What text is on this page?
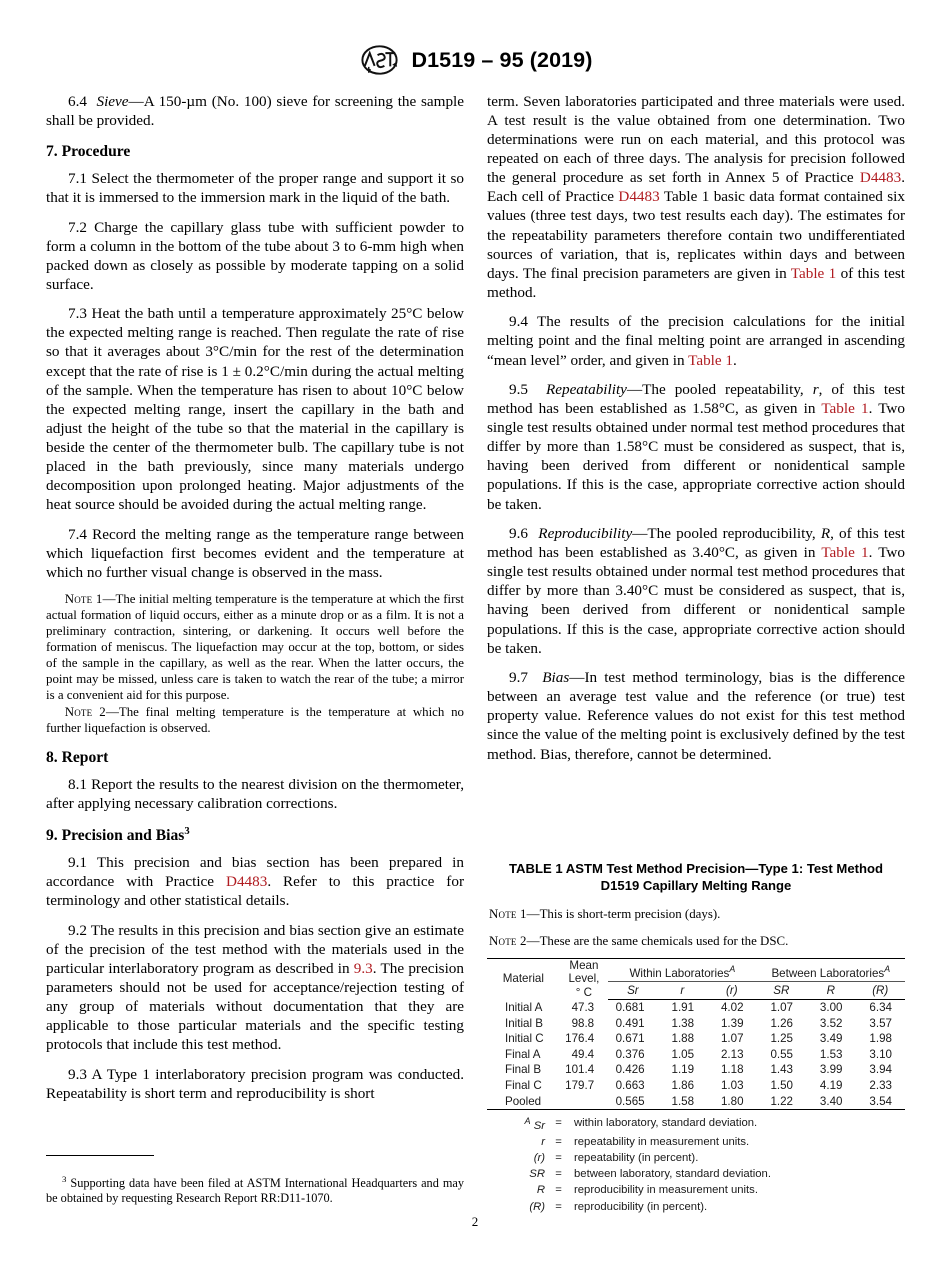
D1519 – 95 (2019)

6.4 Sieve—A 150-µm (No. 100) sieve for screening the sample shall be provided.

7. Procedure

7.1 Select the thermometer of the proper range and support it so that it is immersed to the immersion mark in the liquid of the bath.

7.2 Charge the capillary glass tube with sufficient powder to form a column in the bottom of the tube about 3 to 6-mm high when packed down as closely as possible by moderate tapping on a solid surface.

7.3 Heat the bath until a temperature approximately 25°C below the expected melting range is reached. Then regulate the rate of rise so that it averages about 3°C/min for the rest of the determination except that the rate of rise is 1 ± 0.2°C/min during the actual melting of the sample. When the temperature has risen to about 10°C below the expected melting range, insert the capillary in the bath and adjust the height of the tube so that the material in the capillary is beside the center of the thermometer bulb. The capillary tube is not placed in the bath previously, since many materials undergo decomposition upon prolonged heating. Major adjustments of the heat source should be avoided during the actual melting range.

7.4 Record the melting range as the temperature range between which liquefaction first becomes evident and the temperature at which no further visual change is observed in the mass.

Note 1—The initial melting temperature is the temperature at which the first actual formation of liquid occurs, either as a minute drop or as a film. It is not a preliminary contraction, sintering, or darkening. It occurs well before the formation of meniscus. The liquefaction may occur at the top, bottom, or sides of the sample in the capillary, as well as the rear. When the latter occurs, the point may be missed, unless care is taken to watch the rear of the tube; a mirror is a convenient aid for this purpose.
Note 2—The final melting temperature is the temperature at which no further liquefaction is observed.
8. Report

8.1 Report the results to the nearest division on the thermometer, after applying necessary calibration corrections.

9. Precision and Bias$^3$

9.1 This precision and bias section has been prepared in accordance with Practice D4483. Refer to this practice for terminology and other statistical details.

9.2 The results in this precision and bias section give an estimate of the precision of the test method with the materials used in the particular interlaboratory program as described in 9.3. The precision parameters should not be used for acceptance/rejection testing of any group of materials without documentation that they are applicable to those particular materials and the specific testing protocols that include this test method.

9.3 A Type 1 interlaboratory precision program was conducted. Repeatability is short term and reproducibility is short

$^3$ Supporting data have been filed at ASTM International Headquarters and may be obtained by requesting Research Report RR:D11-1070.

term. Seven laboratories participated and three materials were used. A test result is the value obtained from one determination. Two determinations were run on each material, and this protocol was repeated on each of three days. The analysis for precision followed the general procedure as set forth in Annex 5 of Practice D4483. Each cell of Practice D4483 Table 1 basic data format contained six values (three test days, two test results each day). The estimates for the repeatability parameters therefore contain two undifferentiated sources of variation, that is, replicates within days and between days. The final precision parameters are given in Table 1 of this test method.

9.4 The results of the precision calculations for the initial melting point and the final melting point are arranged in ascending “mean level” order, and given in Table 1.

9.5 Repeatability—The pooled repeatability, r, of this test method has been established as 1.58°C, as given in Table 1. Two single test results obtained under normal test method procedures that differ by more than 1.58°C must be considered as suspect, that is, having been derived from different or nonidentical sample populations. If this is the case, appropriate corrective action should be taken.

9.6 Reproducibility—The pooled reproducibility, R, of this test method has been established as 3.40°C, as given in Table 1. Two single test results obtained under normal test method procedures that differ by more than 3.40°C must be considered as suspect, that is, having been derived from different or nonidentical sample populations. If this is the case, appropriate corrective action should be taken.

9.7 Bias—In test method terminology, bias is the difference between an average test value and the reference (or true) test property value. Reference values do not exist for this test method since the value of the melting point is exclusively defined by the test method. Bias, therefore, cannot be determined.

TABLE 1 ASTM Test Method Precision—Type 1: Test Method
D1519 Capillary Melting Range
Note 1—This is short-term precision (days).
Note 2—These are the same chemicals used for the DSC.

Material	Mean
Level,
° C	Within Laboratories$^A$			Between Laboratories$^A$
		Sr	r	(r)	SR	R	(R)
Initial A	47.3	0.681	1.91	4.02	1.07	3.00	6.34
Initial B	98.8	0.491	1.38	1.39	1.26	3.52	3.57
Initial C	176.4	0.671	1.88	1.07	1.25	3.49	1.98
Final A	49.4	0.376	1.05	2.13	0.55	1.53	3.10
Final B	101.4	0.426	1.19	1.18	1.43	3.99	3.94
Final C	179.7	0.663	1.86	1.03	1.50	4.19	2.33
Pooled		0.565	1.58	1.80	1.22	3.40	3.54

$^A$ Sr =	within laboratory, standard deviation.
r =	repeatability in measurement units.
(r) =	repeatability (in percent).
SR =	between laboratory, standard deviation.
R =	reproducibility in measurement units.
(R) =	reproducibility (in percent).
2
